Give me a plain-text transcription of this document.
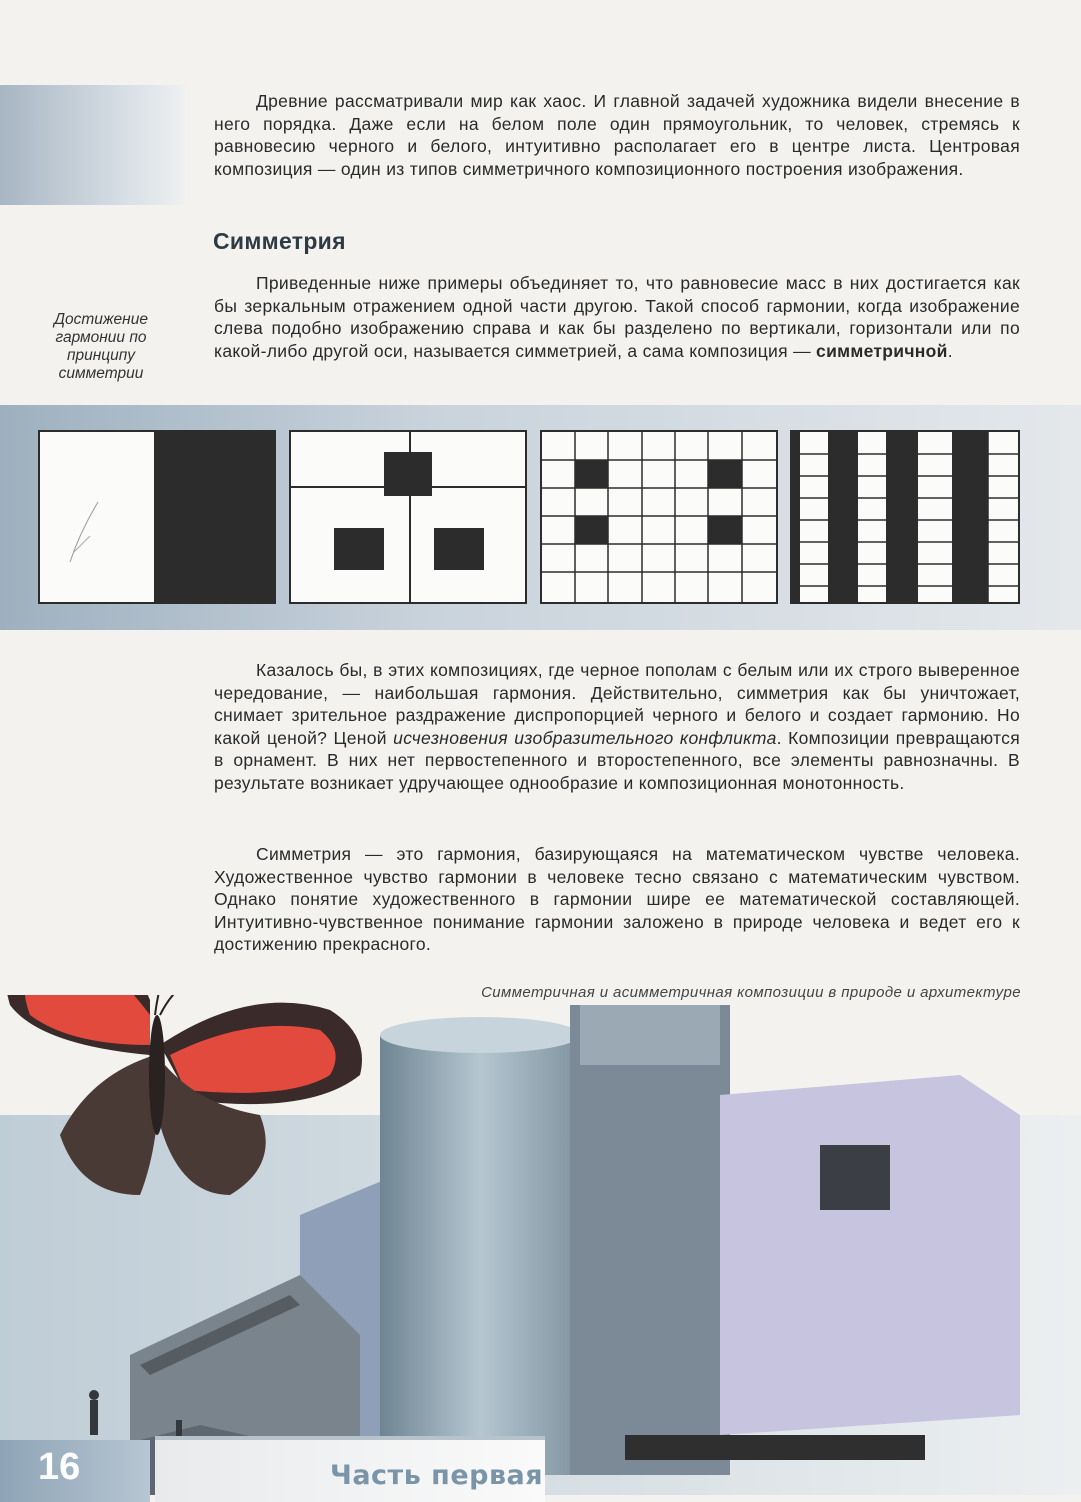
Древние рассматривали мир как хаос. И главной задачей художника видели внесение в него порядка. Даже если на белом поле один прямоугольник, то человек, стремясь к равновесию черного и белого, интуитивно располагает его в центре листа. Центровая композиция — один из типов симметричного композиционного построения изображения.

Симметрия

Приведенные ниже примеры объединяет то, что равновесие масс в них достигается как бы зеркальным отражением одной части другою. Такой способ гармонии, когда изображение слева подобно изображению справа и как бы разделено по вертикали, горизонтали или по какой-либо другой оси, называется симметрией, а сама композиция — симметричной.

Достижение гармонии по принципу симметрии

Казалось бы, в этих композициях, где черное пополам с белым или их строго выверенное чередование, — наибольшая гармония. Действительно, симметрия как бы уничтожает, снимает зрительное раздражение диспропорцией черного и белого и создает гармонию. Но какой ценой? Ценой исчезновения изобразительного конфликта. Композиции превращаются в орнамент. В них нет первостепенного и второстепенного, все элементы равнозначны. В результате возникает удручающее однообразие и композиционная монотонность.

Симметрия — это гармония, базирующаяся на математическом чувстве человека. Художественное чувство гармонии в человеке тесно связано с математическим чувством. Однако понятие художественного в гармонии шире ее математической составляющей. Интуитивно-чувственное понимание гармонии заложено в природе человека и ведет его к достижению прекрасного.

Симметричная и асимметричная композиции в природе и архитектуре
16	Часть первая
